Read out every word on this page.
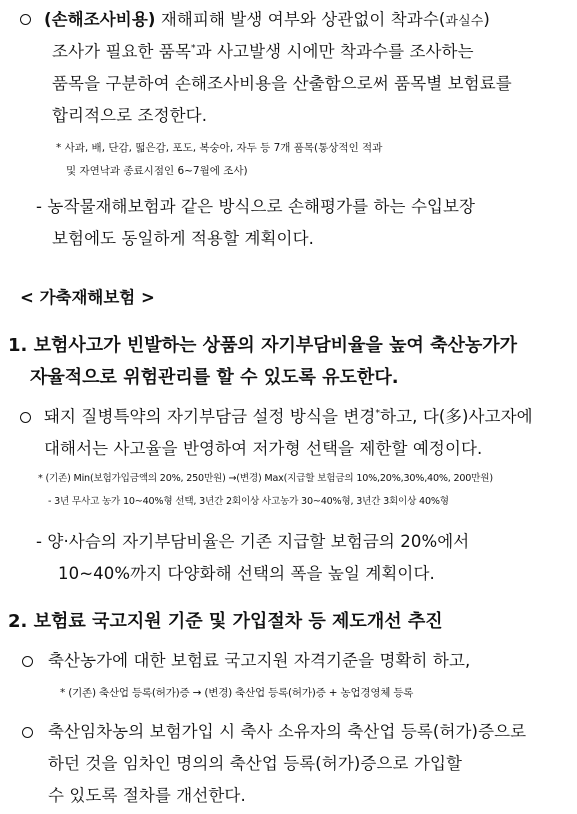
(손해조사비용) 재해피해 발생 여부와 상관없이 착과수(과실수)
조사가 필요한 품목*과 사고발생 시에만 착과수를 조사하는
품목을 구분하여 손해조사비용을 산출함으로써 품목별 보험료를
합리적으로 조정한다.
* 사과, 배, 단감, 떫은감, 포도, 복숭아, 자두 등 7개 품목(통상적인 적과
및 자연낙과 종료시점인 6~7월에 조사)
- 농작물재해보험과 같은 방식으로 손해평가를 하는 수입보장
보험에도 동일하게 적용할 계획이다.
< 가축재해보험 >
1. 보험사고가 빈발하는 상품의 자기부담비율을 높여 축산농가가
자율적으로 위험관리를 할 수 있도록 유도한다.
돼지 질병특약의 자기부담금 설정 방식을 변경*하고, 다(多)사고자에
대해서는 사고율을 반영하여 저가형 선택을 제한할 예정이다.
* (기존) Min(보험가입금액의 20%, 250만원) →(변경) Max(지급할 보험금의 10%,20%,30%,40%, 200만원)
- 3년 무사고 농가 10~40%형 선택, 3년간 2회이상 사고농가 30~40%형, 3년간 3회이상 40%형
- 양·사슴의 자기부담비율은 기존 지급할 보험금의 20%에서
10~40%까지 다양화해 선택의 폭을 높일 계획이다.
2. 보험료 국고지원 기준 및 가입절차 등 제도개선 추진
축산농가에 대한 보험료 국고지원 자격기준을 명확히 하고,
* (기존) 축산업 등록(허가)증 → (변경) 축산업 등록(허가)증 + 농업경영체 등록
축산임차농의 보험가입 시 축사 소유자의 축산업 등록(허가)증으로
하던 것을 임차인 명의의 축산업 등록(허가)증으로 가입할
수 있도록 절차를 개선한다.
